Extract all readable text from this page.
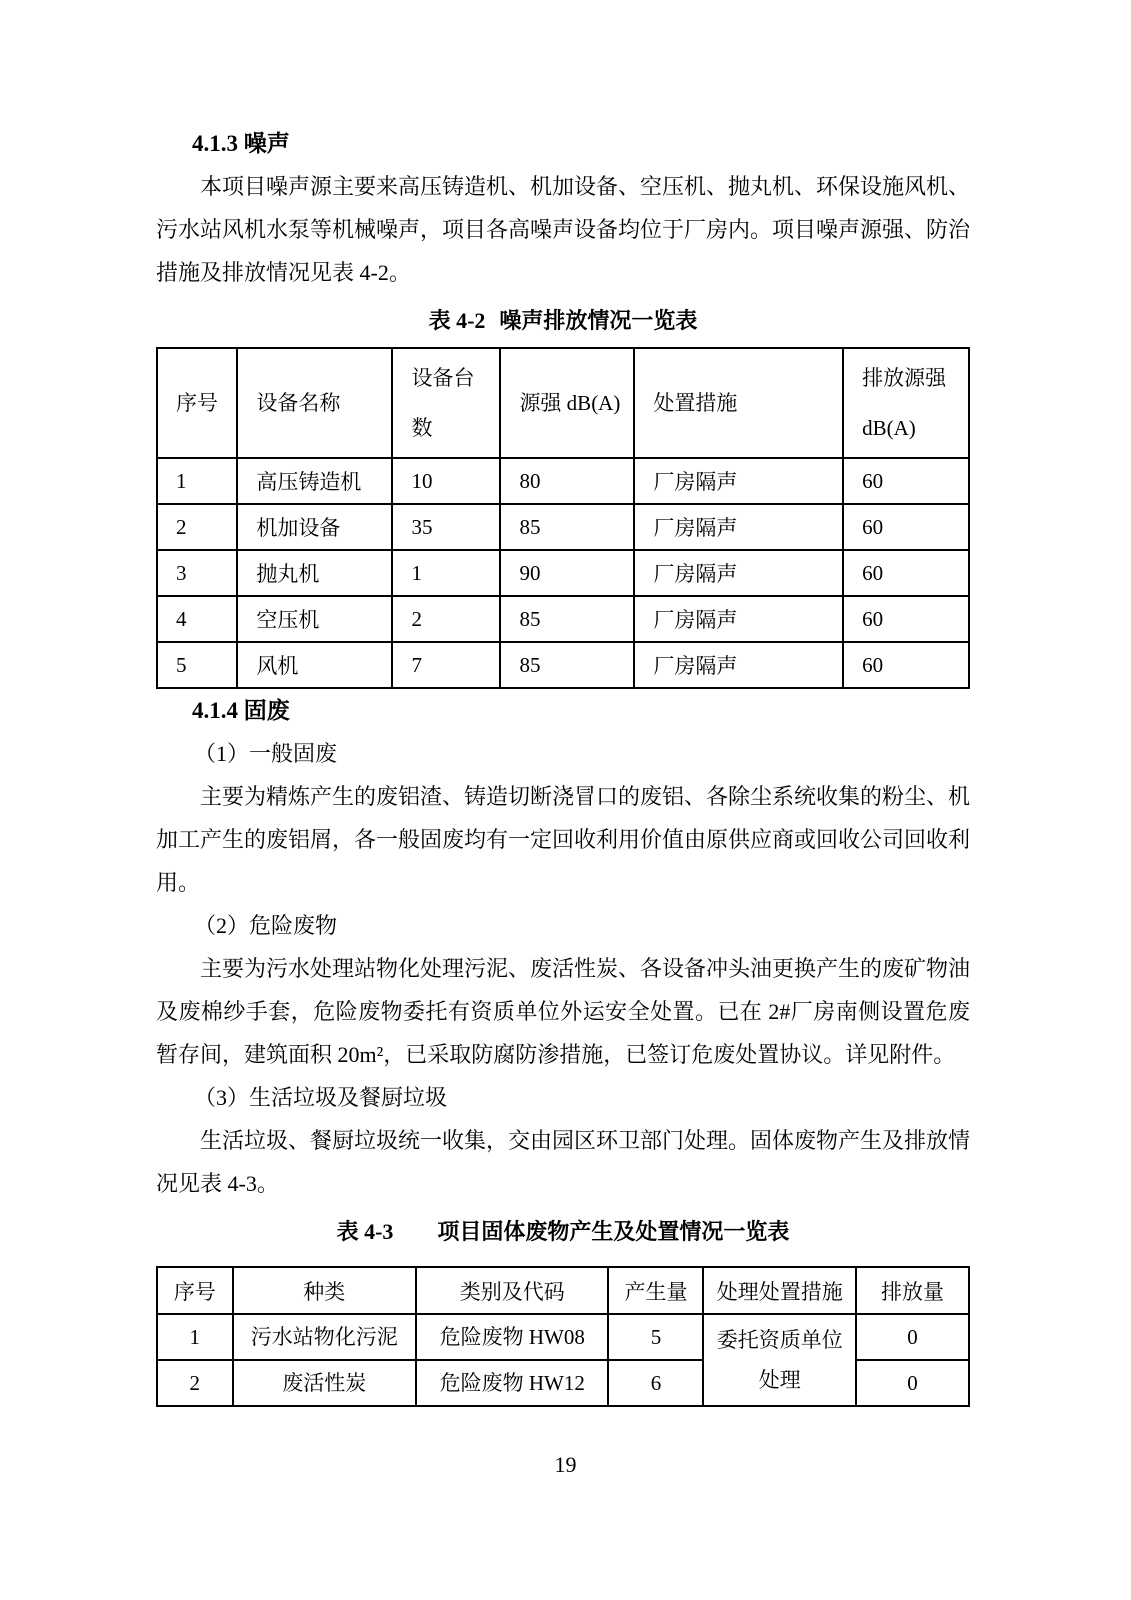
4.1.3 噪声

本项目噪声源主要来高压铸造机、机加设备、空压机、抛丸机、环保设施风机、污水站风机水泵等机械噪声，项目各高噪声设备均位于厂房内。项目噪声源强、防治措施及排放情况见表 4-2。

表 4-2 噪声排放情况一览表
序号	设备名称	设备台数	源强 dB(A)	处置措施	排放源强 dB(A)
1	高压铸造机	10	80	厂房隔声	60
2	机加设备	35	85	厂房隔声	60
3	抛丸机	1	90	厂房隔声	60
4	空压机	2	85	厂房隔声	60
5	风机	7	85	厂房隔声	60
4.1.4 固废
（1）一般固废

主要为精炼产生的废铝渣、铸造切断浇冒口的废铝、各除尘系统收集的粉尘、机加工产生的废铝屑，各一般固废均有一定回收利用价值由原供应商或回收公司回收利用。

（2）危险废物

主要为污水处理站物化处理污泥、废活性炭、各设备冲头油更换产生的废矿物油及废棉纱手套，危险废物委托有资质单位外运安全处置。已在 2#厂房南侧设置危废暂存间，建筑面积 20m²，已采取防腐防渗措施，已签订危废处置协议。详见附件。

（3）生活垃圾及餐厨垃圾

生活垃圾、餐厨垃圾统一收集，交由园区环卫部门处理。固体废物产生及排放情况见表 4-3。

表 4-3 项目固体废物产生及处置情况一览表
序号	种类	类别及代码	产生量	处理处置措施	排放量
1	污水站物化污泥	危险废物 HW08	5	委托资质单位处理	0
2	废活性炭	危险废物 HW12	6		0
19
